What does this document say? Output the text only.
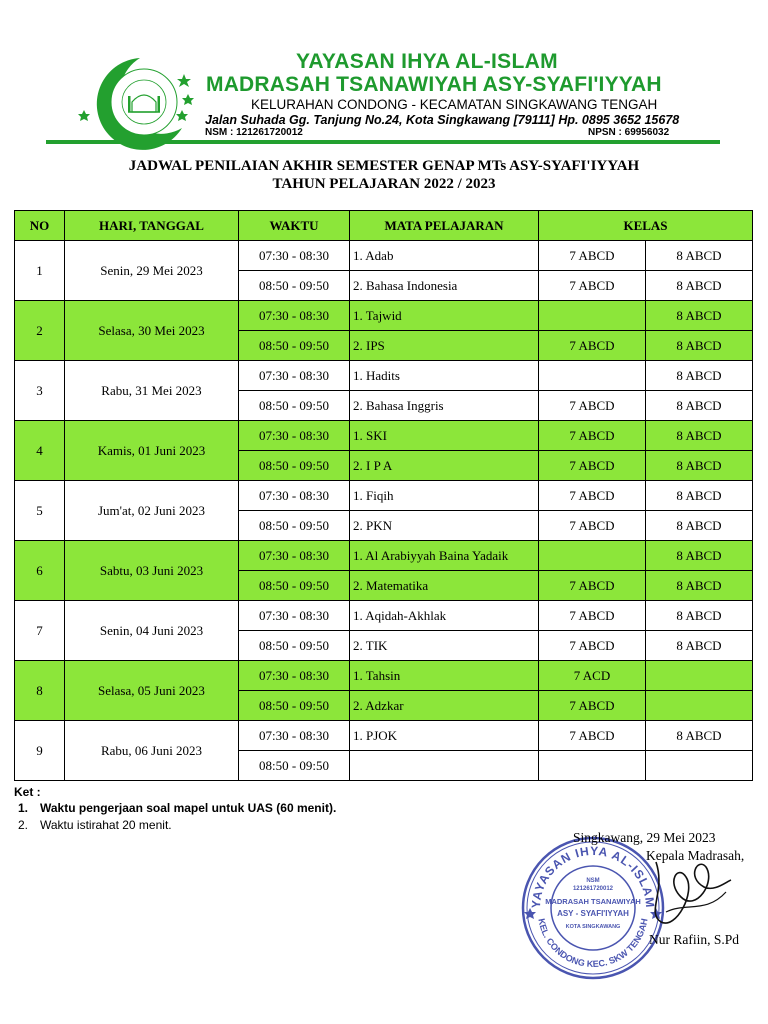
YAYASAN IHYA AL-ISLAM
MADRASAH TSANAWIYAH ASY-SYAFI'IYYAH
KELURAHAN CONDONG - KECAMATAN SINGKAWANG TENGAH
Jalan Suhada Gg. Tanjung No.24, Kota Singkawang [79111] Hp. 0895 3652 15678
NSM : 121261720012	NPSN : 69956032
JADWAL PENILAIAN AKHIR SEMESTER GENAP MTs ASY-SYAFI'IYYAH
TAHUN PELAJARAN 2022 / 2023
NO	HARI, TANGGAL	WAKTU	MATA PELAJARAN	KELAS	
1	Senin, 29 Mei 2023	07:30 - 08:30	1. Adab	7 ABCD	8 ABCD
		08:50 - 09:50	2. Bahasa Indonesia	7 ABCD	8 ABCD
2	Selasa, 30 Mei 2023	07:30 - 08:30	1. Tajwid		8 ABCD
		08:50 - 09:50	2. IPS	7 ABCD	8 ABCD
3	Rabu, 31 Mei 2023	07:30 - 08:30	1. Hadits		8 ABCD
		08:50 - 09:50	2. Bahasa Inggris	7 ABCD	8 ABCD
4	Kamis, 01 Juni 2023	07:30 - 08:30	1. SKI	7 ABCD	8 ABCD
		08:50 - 09:50	2. I P A	7 ABCD	8 ABCD
5	Jum'at, 02 Juni 2023	07:30 - 08:30	1. Fiqih	7 ABCD	8 ABCD
		08:50 - 09:50	2. PKN	7 ABCD	8 ABCD
6	Sabtu, 03 Juni 2023	07:30 - 08:30	1. Al Arabiyyah Baina Yadaik		8 ABCD
		08:50 - 09:50	2. Matematika	7 ABCD	8 ABCD
7	Senin, 04 Juni 2023	07:30 - 08:30	1. Aqidah-Akhlak	7 ABCD	8 ABCD
		08:50 - 09:50	2. TIK	7 ABCD	8 ABCD
8	Selasa, 05 Juni 2023	07:30 - 08:30	1. Tahsin	7 ACD	
		08:50 - 09:50	2. Adzkar	7 ABCD	
9	Rabu, 06 Juni 2023	07:30 - 08:30	1. PJOK	7 ABCD	8 ABCD
		08:50 - 09:50			
Ket :
1. Waktu pengerjaan soal mapel untuk UAS (60 menit).
2. Waktu istirahat 20 menit.
YAYASAN IHYA AL-ISLAM
KEL. CONDONG KEC. SKW TENGAH
NSM
121261720012
MADRASAH TSANAWIYAH
ASY - SYAFI'IYYAH
KOTA SINGKAWANG
Singkawang, 29 Mei 2023
Kepala Madrasah,
Nur Rafiin, S.Pd
